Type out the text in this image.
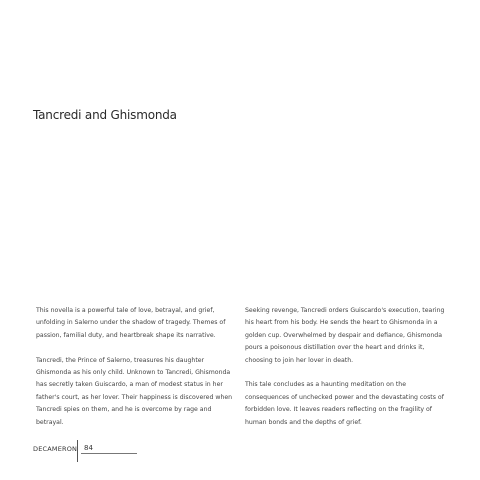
Tancredi and Ghismonda

This novella is a powerful tale of love, betrayal, and grief, unfolding in Salerno under the shadow of tragedy. Themes of passion, familial duty, and heartbreak shape its narrative.

Tancredi, the Prince of Salerno, treasures his daughter Ghismonda as his only child. Unknown to Tancredi, Ghismonda has secretly taken Guiscardo, a man of modest status in her father's court, as her lover. Their happiness is discovered when Tancredi spies on them, and he is overcome by rage and betrayal.

Seeking revenge, Tancredi orders Guiscardo's execution, tearing his heart from his body. He sends the heart to Ghismonda in a golden cup. Overwhelmed by despair and defiance, Ghismonda pours a poisonous distillation over the heart and drinks it, choosing to join her lover in death.

This tale concludes as a haunting meditation on the consequences of unchecked power and the devastating costs of forbidden love. It leaves readers reflecting on the fragility of human bonds and the depths of grief.

DECAMERON 84
